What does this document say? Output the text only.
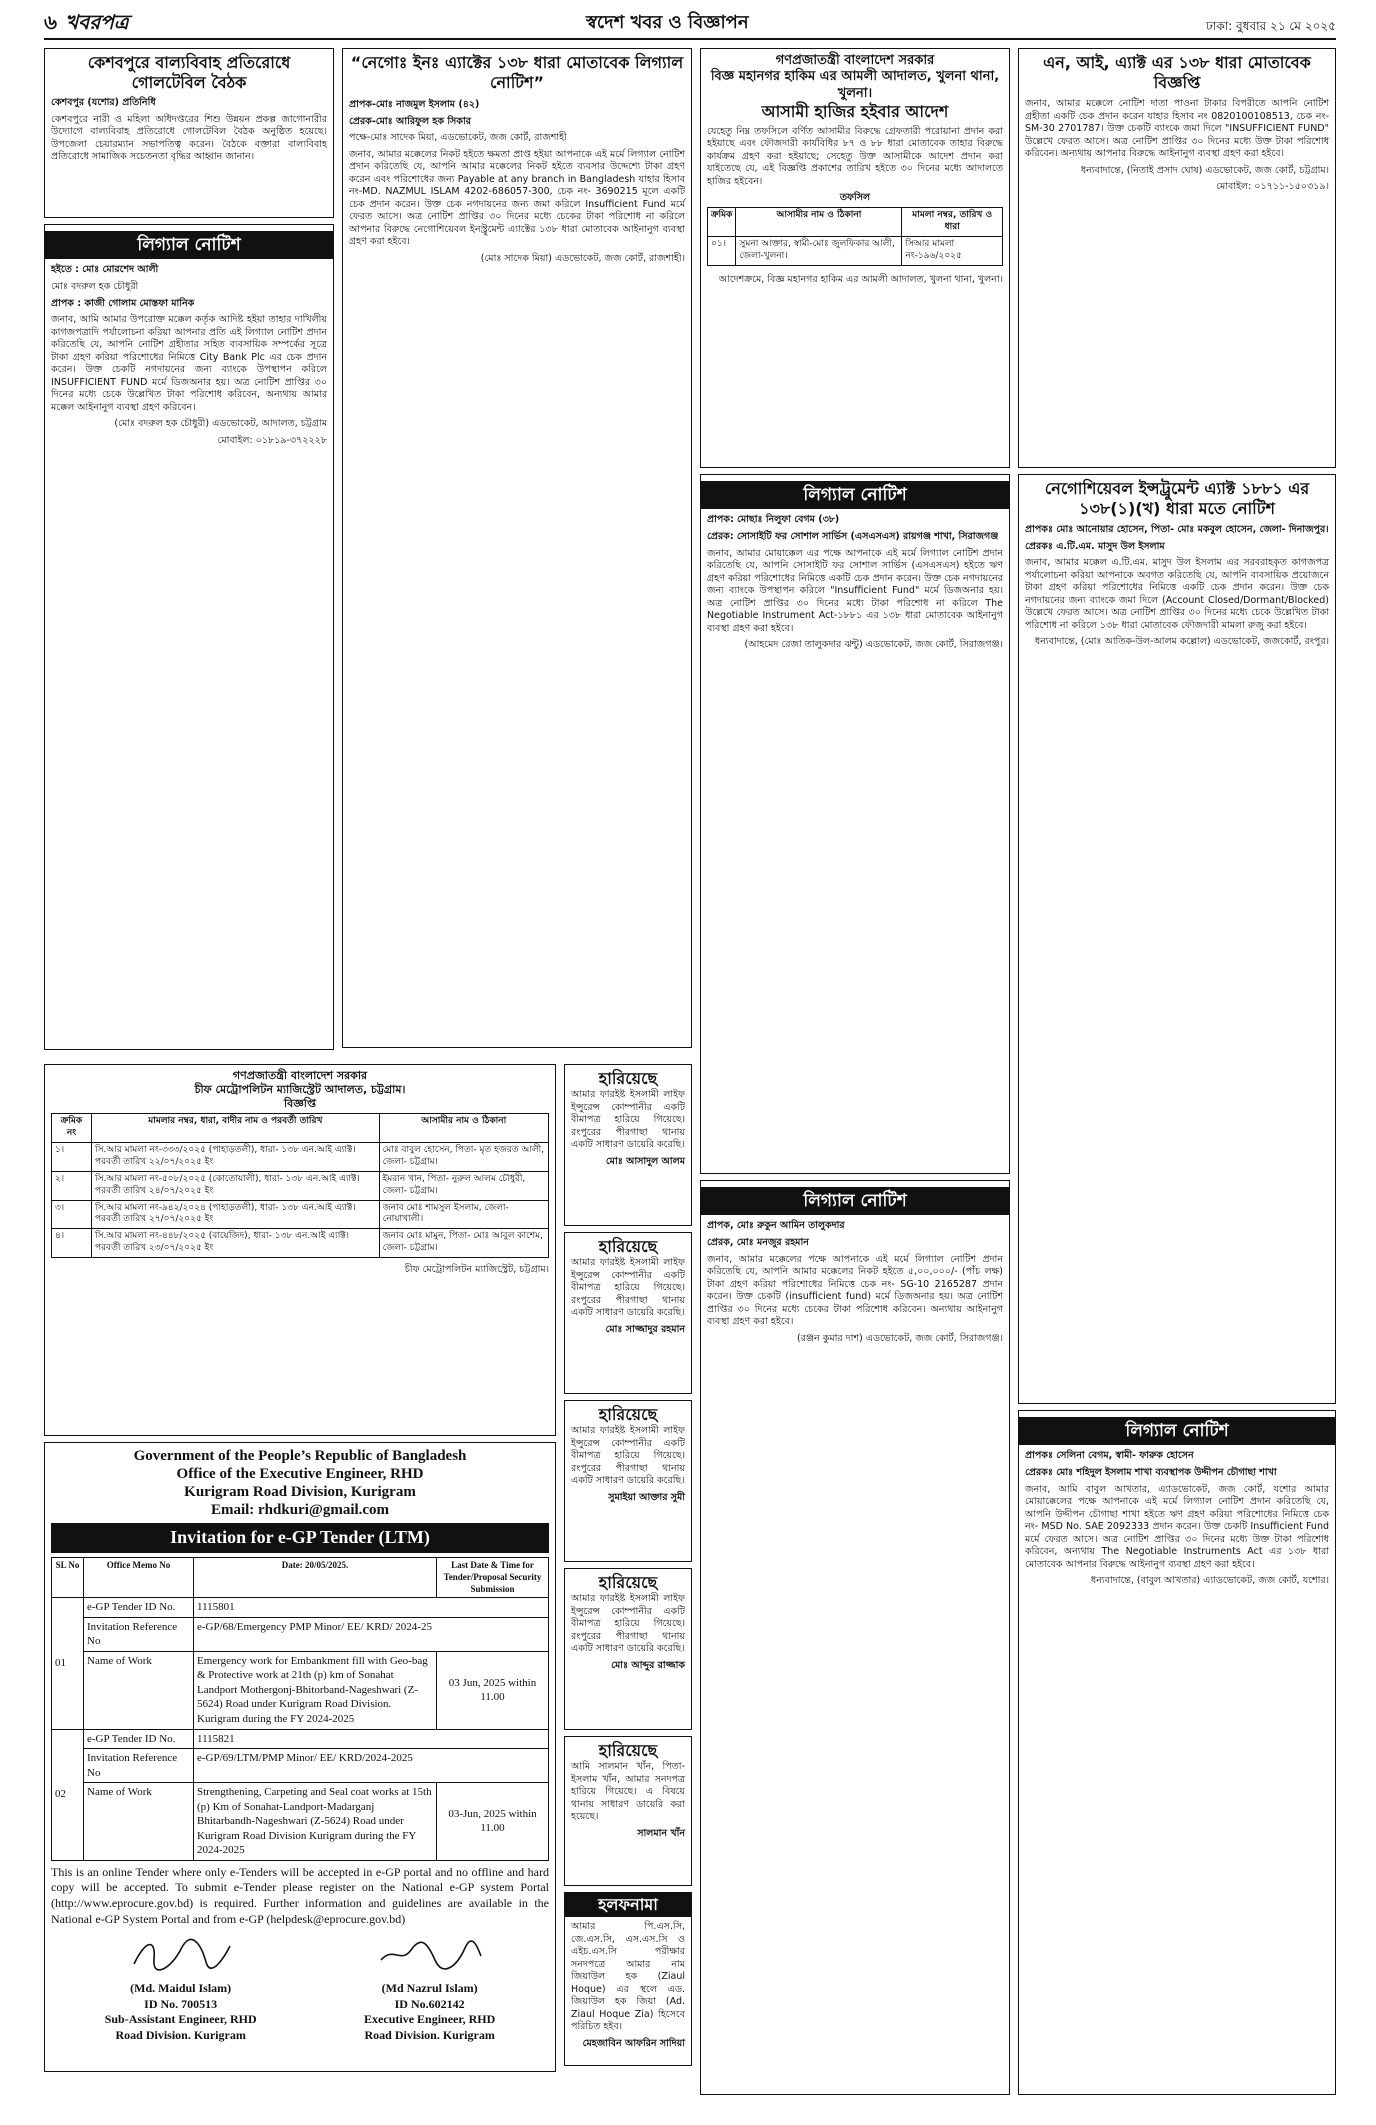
৬ খবরপত্র	স্বদেশ খবর ও বিজ্ঞাপন	ঢাকা: বুধবার ২১ মে ২০২৫
কেশবপুরে বাল্যবিবাহ প্রতিরোধে গোলটেবিল বৈঠক

কেশবপুর (যশোর) প্রতিনিধি

কেশবপুরে নারী ও মহিলা অধিদপ্তরের শিশু উন্নয়ন প্রকল্প জাগোনারীর উদ্যোগে বাল্যবিবাহ প্রতিরোধে গোলটেবিল বৈঠক অনুষ্ঠিত হয়েছে। উপজেলা চেয়ারম্যান সভাপতিত্ব করেন। বৈঠকে বক্তারা বাল্যবিবাহ প্রতিরোধে সামাজিক সচেতনতা বৃদ্ধির আহ্বান জানান।

লিগ্যাল নোটিশ

হইতে : মোঃ মোরশেদ আলী

মোঃ বদরুল হক চৌধুরী

প্রাপক : কাজী গোলাম মোস্তফা মানিক

জনাব, আমি আমার উপরোক্ত মক্কেল কর্তৃক আদিষ্ট হইয়া তাহার দাখিলীয় কাগজপত্রাদি পর্যালোচনা করিয়া আপনার প্রতি এই লিগ্যাল নোটিশ প্রদান করিতেছি যে, আপনি নোটিশ গ্রহীতার সহিত ব্যবসায়িক সম্পর্কের সূত্রে টাকা গ্রহণ করিয়া পরিশোধের নিমিত্তে City Bank Plc এর চেক প্রদান করেন। উক্ত চেকটি নগদায়নের জন্য ব্যাংকে উপস্থাপন করিলে INSUFFICIENT FUND মর্মে ডিজঅনার হয়। অত্র নোটিশ প্রাপ্তির ৩০ দিনের মধ্যে চেকে উল্লেখিত টাকা পরিশোধ করিবেন, অন্যথায় আমার মক্কেল আইনানুগ ব্যবস্থা গ্রহণ করিবেন।

(মোঃ বদরুল হক চৌধুরী) এডভোকেট, আদালত, চট্টগ্রাম

মোবাইল: ০১৮১৯-৩৭২২২৮

“নেগোঃ ইনঃ এ্যাক্টের ১৩৮ ধারা মোতাবেক লিগ্যাল নোটিশ”

প্রাপক-মোঃ নাজমুল ইসলাম (৪২)

প্রেরক-মোঃ আরিফুল হক সিকার

পক্ষে-মোঃ সাদেক মিয়া, এডভোকেট, জজ কোর্ট, রাজশাহী

জনাব, আমার মক্কেলের নিকট হইতে ক্ষমতা প্রাপ্ত হইয়া আপনাকে এই মর্মে লিগ্যাল নোটিশ প্রদান করিতেছি যে, আপনি আমার মক্কেলের নিকট হইতে ব্যবসার উদ্দেশ্যে টাকা গ্রহণ করেন এবং পরিশোধের জন্য Payable at any branch in Bangladesh যাহার হিসাব নং-MD. NAZMUL ISLAM 4202-686057-300, চেক নং- 3690215 মূলে একটি চেক প্রদান করেন। উক্ত চেক নগদায়নের জন্য জমা করিলে Insufficient Fund মর্মে ফেরত আসে। অত্র নোটিশ প্রাপ্তির ৩০ দিনের মধ্যে চেকের টাকা পরিশোধ না করিলে আপনার বিরুদ্ধে নেগোশিয়েবল ইনস্ট্রুমেন্ট এ্যাক্টের ১৩৮ ধারা মোতাবেক আইনানুগ ব্যবস্থা গ্রহণ করা হইবে।

(মোঃ সাদেক মিয়া) এডভোকেট, জজ কোর্ট, রাজশাহী।

গণপ্রজাতন্ত্রী বাংলাদেশ সরকার
বিজ্ঞ মহানগর হাকিম এর আমলী আদালত, খুলনা থানা, খুলনা।
আসামী হাজির হইবার আদেশ

যেহেতু নিম্ন তফসিলে বর্ণিত আসামীর বিরুদ্ধে গ্রেফতারী পরোয়ানা প্রদান করা হইয়াছে এবং ফৌজদারী কার্যবিধির ৮৭ ও ৮৮ ধারা মোতাবেক তাহার বিরুদ্ধে কার্যক্রম গ্রহণ করা হইয়াছে; সেহেতু উক্ত আসামীকে আদেশ প্রদান করা যাইতেছে যে, এই বিজ্ঞপ্তি প্রকাশের তারিখ হইতে ৩০ দিনের মধ্যে আদালতে হাজির হইবেন।

তফসিল
ক্রমিক	আসামীর নাম ও ঠিকানা	মামলা নম্বর, তারিখ ও ধারা
০১।	সুমনা আক্তার, স্বামী-মোঃ জুলফিকার আলী, জেলা-খুলনা।	সিআর মামলা নং-১৯৬/২০২৫

আদেশক্রমে, বিজ্ঞ মহানগর হাকিম এর আমলী আদালত, খুলনা থানা, খুলনা।

লিগ্যাল নোটিশ

প্রাপক: মোছাঃ নিলুফা বেগম (৩৮)

প্রেরক: সোসাইটি ফর সোশাল সার্ভিস (এসএসএস) রায়গঞ্জ শাখা, সিরাজগঞ্জ

জনাব, আমার মোয়াক্কেল এর পক্ষে আপনাকে এই মর্মে লিগ্যাল নোটিশ প্রদান করিতেছি যে, আপনি সোসাইটি ফর সোশাল সার্ভিস (এসএসএস) হইতে ঋণ গ্রহণ করিয়া পরিশোধের নিমিত্তে একটি চেক প্রদান করেন। উক্ত চেক নগদায়নের জন্য ব্যাংকে উপস্থাপন করিলে "Insufficient Fund" মর্মে ডিজঅনার হয়। অত্র নোটিশ প্রাপ্তির ৩০ দিনের মধ্যে টাকা পরিশোধ না করিলে The Negotiable Instrument Act-১৮৮১ এর ১৩৮ ধারা মোতাবেক আইনানুগ ব্যবস্থা গ্রহণ করা হইবে।

(আহমেদ রেজা তালুকদার ঝন্টু) এডভোকেট, জজ কোর্ট, সিরাজগঞ্জ।

লিগ্যাল নোটিশ

প্রাপক, মোঃ রুকুন আমিন তালুকদার

প্রেরক, মোঃ মনজুর রহমান

জনাব, আমার মক্কেলের পক্ষে আপনাকে এই মর্মে লিগ্যাল নোটিশ প্রদান করিতেছি যে, আপনি আমার মক্কেলের নিকট হইতে ৫,০০,০০০/- (পাঁচ লক্ষ) টাকা গ্রহণ করিয়া পরিশোধের নিমিত্তে চেক নং- SG-10 2165287 প্রদান করেন। উক্ত চেকটি (insufficient fund) মর্মে ডিজঅনার হয়। অত্র নোটিশ প্রাপ্তির ৩০ দিনের মধ্যে চেকের টাকা পরিশোধ করিবেন। অন্যথায় আইনানুগ ব্যবস্থা গ্রহণ করা হইবে।

(রঞ্জন কুমার দাশ) এডভোকেট, জজ কোর্ট, সিরাজগঞ্জ।

এন, আই, এ্যাক্ট এর ১৩৮ ধারা মোতাবেক বিজ্ঞপ্তি

জনাব, আমার মক্কেলে নোটিশ দাতা পাওনা টাকার বিপরীতে আপনি নোটিশ গ্রহীতা একটি চেক প্রদান করেন যাহার হিসাব নং 0820100108513, চেক নং- SM-30 2701787। উক্ত চেকটি ব্যাংকে জমা দিলে "INSUFFICIENT FUND" উল্লেখে ফেরত আসে। অত্র নোটিশ প্রাপ্তির ৩০ দিনের মধ্যে উক্ত টাকা পরিশোধ করিবেন। অন্যথায় আপনার বিরুদ্ধে আইনানুগ ব্যবস্থা গ্রহণ করা হইবে।

ধন্যবাদান্তে, (নিতাই প্রসাদ ঘোষ) এডভোকেট, জজ কোর্ট, চট্টগ্রাম।

মোবাইল: ০১৭১১-১৫০৩১৯।

নেগোশিয়েবল ইন্সট্রুমেন্ট এ্যাক্ট ১৮৮১ এর ১৩৮(১)(খ) ধারা মতে নোটিশ

প্রাপকঃ মোঃ আনোয়ার হোসেন, পিতা- মোঃ মকবুল হোসেন, জেলা- দিনাজপুর।

প্রেরকঃ এ.টি.এম. মাসুদ উল ইসলাম

জনাব, আমার মক্কেল এ.টি.এম. মাসুদ উল ইসলাম এর সরবরাহকৃত কাগজপত্র পর্যালোচনা করিয়া আপনাকে অবগত করিতেছি যে, আপনি ব্যবসায়িক প্রয়োজনে টাকা গ্রহণ করিয়া পরিশোধের নিমিত্তে একটি চেক প্রদান করেন। উক্ত চেক নগদায়নের জন্য ব্যাংকে জমা দিলে (Account Closed/Dormant/Blocked) উল্লেখে ফেরত আসে। অত্র নোটিশ প্রাপ্তির ৩০ দিনের মধ্যে চেকে উল্লেখিত টাকা পরিশোধ না করিলে ১৩৮ ধারা মোতাবেক ফৌজদারী মামলা রুজু করা হইবে।

ধন্যবাদান্তে, (মোঃ আতিক-উল-আলম কল্লোল) এডভোকেট, জজকোর্ট, রংপুর।

লিগ্যাল নোটিশ

প্রাপকঃ সেলিনা বেগম, স্বামী- ফারুক হোসেন

প্রেরকঃ মোঃ শহিদুল ইসলাম শাখা ব্যবস্থাপক উদ্দীপন চৌগাছা শাখা

জনাব, আমি বাবুল আখতার, এ্যাডভোকেট, জজ কোর্ট, যশোর আমার মোয়াক্কেলের পক্ষে আপনাকে এই মর্মে লিগ্যাল নোটিশ প্রদান করিতেছি যে, আপনি উদ্দীপন চৌগাছা শাখা হইতে ঋণ গ্রহণ করিয়া পরিশোধের নিমিত্তে চেক নং- MSD No. SAE 2092333 প্রদান করেন। উক্ত চেকটি Insufficient Fund মর্মে ফেরত আসে। অত্র নোটিশ প্রাপ্তির ৩০ দিনের মধ্যে উক্ত টাকা পরিশোধ করিবেন, অন্যথায় The Negotiable Instruments Act এর ১৩৮ ধারা মোতাবেক আপনার বিরুদ্ধে আইনানুগ ব্যবস্থা গ্রহণ করা হইবে।

ধন্যবাদান্তে, (বাবুল আখতার) এ্যাডভোকেট, জজ কোর্ট, যশোর।

গণপ্রজাতন্ত্রী বাংলাদেশ সরকার
চীফ মেট্রোপলিটন ম্যাজিস্ট্রেট আদালত, চট্টগ্রাম।
বিজ্ঞপ্তি
ক্রমিক নং	মামলার নম্বর, ধারা, বাদীর নাম ও পরবর্তী তারিখ	আসামীর নাম ও ঠিকানা
১।	সি.আর মামলা নং-৩৩৩/২০২৫ (পাহাড়তলী), ধারা- ১৩৮ এন.আই এ্যাক্ট। পরবর্তী তারিখ ২২/০৭/২০২৫ ইং	মোঃ বাবুল হোসেন, পিতা- মৃত হজরত আলী, জেলা- চট্টগ্রাম।
২।	সি.আর মামলা নং-৫০৮/২০২৫ (কোতোয়ালী), ধারা- ১৩৮ এন.আই এ্যাক্ট। পরবর্তী তারিখ ২৪/০৭/২০২৫ ইং	ইমরান খান, পিতা- নুরুল আলম চৌধুরী, জেলা- চট্টগ্রাম।
৩।	সি.আর মামলা নং-৯৪২/২০২৪ (পাহাড়তলী), ধারা- ১৩৮ এন.আই এ্যাক্ট। পরবর্তী তারিখ ২৭/০৭/২০২৫ ইং	জনাব মোঃ শামসুল ইসলাম, জেলা- নোয়াখালী।
৪।	সি.আর মামলা নং-৪৪৮/২০২৫ (বায়েজিদ), ধারা- ১৩৮ এন.আই এ্যাক্ট। পরবর্তী তারিখ ২৩/০৭/২০২৫ ইং	জনাব মোঃ মামুন, পিতা- মোঃ আবুল কাশেম, জেলা- চট্টগ্রাম।

চীফ মেট্রোপলিটন ম্যাজিস্ট্রেট, চট্টগ্রাম।

Government of the People’s Republic of Bangladesh
Office of the Executive Engineer, RHD
Kurigram Road Division, Kurigram
Email: rhdkuri@gmail.com
Invitation for e-GP Tender (LTM)
SL No	Office Memo No	Date: 20/05/2025.	Last Date & Time for Tender/Proposal Security Submission
01	e-GP Tender ID No.	1115801	
	Invitation Reference No	e-GP/68/Emergency PMP Minor/ EE/ KRD/ 2024-25	
	Name of Work	Emergency work for Embankment fill with Geo-bag & Protective work at 21th (p) km of Sonahat Landport Mothergonj-Bhitorband-Nageshwari (Z-5624) Road under Kurigram Road Division. Kurigram during the FY 2024-2025	03 Jun, 2025 within 11.00
02	e-GP Tender ID No.	1115821	
	Invitation Reference No	e-GP/69/LTM/PMP Minor/ EE/ KRD/2024-2025	
	Name of Work	Strengthening, Carpeting and Seal coat works at 15th (p) Km of Sonahat-Landport-Madarganj Bhitarbandh-Nageshwari (Z-5624) Road under Kurigram Road Division Kurigram during the FY 2024-2025	03-Jun, 2025 within 11.00

This is an online Tender where only e-Tenders will be accepted in e-GP portal and no offline and hard copy will be accepted. To submit e-Tender please register on the National e-GP system Portal (http://www.eprocure.gov.bd) is required. Further information and guidelines are available in the National e-GP System Portal and from e-GP (helpdesk@eprocure.gov.bd)

(Md. Maidul Islam)
ID No. 700513
Sub-Assistant Engineer, RHD
Road Division. Kurigram
(Md Nazrul Islam)
ID No.602142
Executive Engineer, RHD
Road Division. Kurigram
হারিয়েছে

আমার ফারইষ্ট ইসলামী লাইফ ইন্সুরেন্স কোম্পানীর একটি বীমাপত্র হারিয়ে গিয়েছে। রংপুরের পীরগাছা থানায় একটি সাধারণ ডায়েরি করেছি।

মোঃ আসাদুল আলম

হারিয়েছে

আমার ফারইষ্ট ইসলামী লাইফ ইন্সুরেন্স কোম্পানীর একটি বীমাপত্র হারিয়ে গিয়েছে। রংপুরের পীরগাছা থানায় একটি সাধারণ ডায়েরি করেছি।

মোঃ সাজ্জাদুর রহমান

হারিয়েছে

আমার ফারইষ্ট ইসলামী লাইফ ইন্সুরেন্স কোম্পানীর একটি বীমাপত্র হারিয়ে গিয়েছে। রংপুরের পীরগাছা থানায় একটি সাধারণ ডায়েরি করেছি।

সুমাইয়া আক্তার সুমী

হারিয়েছে

আমার ফারইষ্ট ইসলামী লাইফ ইন্সুরেন্স কোম্পানীর একটি বীমাপত্র হারিয়ে গিয়েছে। রংপুরের পীরগাছা থানায় একটি সাধারণ ডায়েরি করেছি।

মোঃ আব্দুর রাজ্জাক

হারিয়েছে

আমি সালমান খাঁন, পিতা- ইসলাম খাঁন, আমার সনদপত্র হারিয়ে গিয়েছে। এ বিষয়ে থানায় সাধারণ ডায়েরি করা হয়েছে।

সালমান খাঁন

হলফনামা

আমার পি.এস.সি, জে.এস.সি, এস.এস.সি ও এইচ.এস.সি পরীক্ষার সনদপত্রে আমার নাম জিয়াউল হক (Ziaul Hoque) এর স্থলে এড. জিয়াউল হক জিয়া (Ad. Ziaul Hoque Zia) হিসেবে পরিচিত হইব।

মেহজাবিন আফরিন সাদিয়া
